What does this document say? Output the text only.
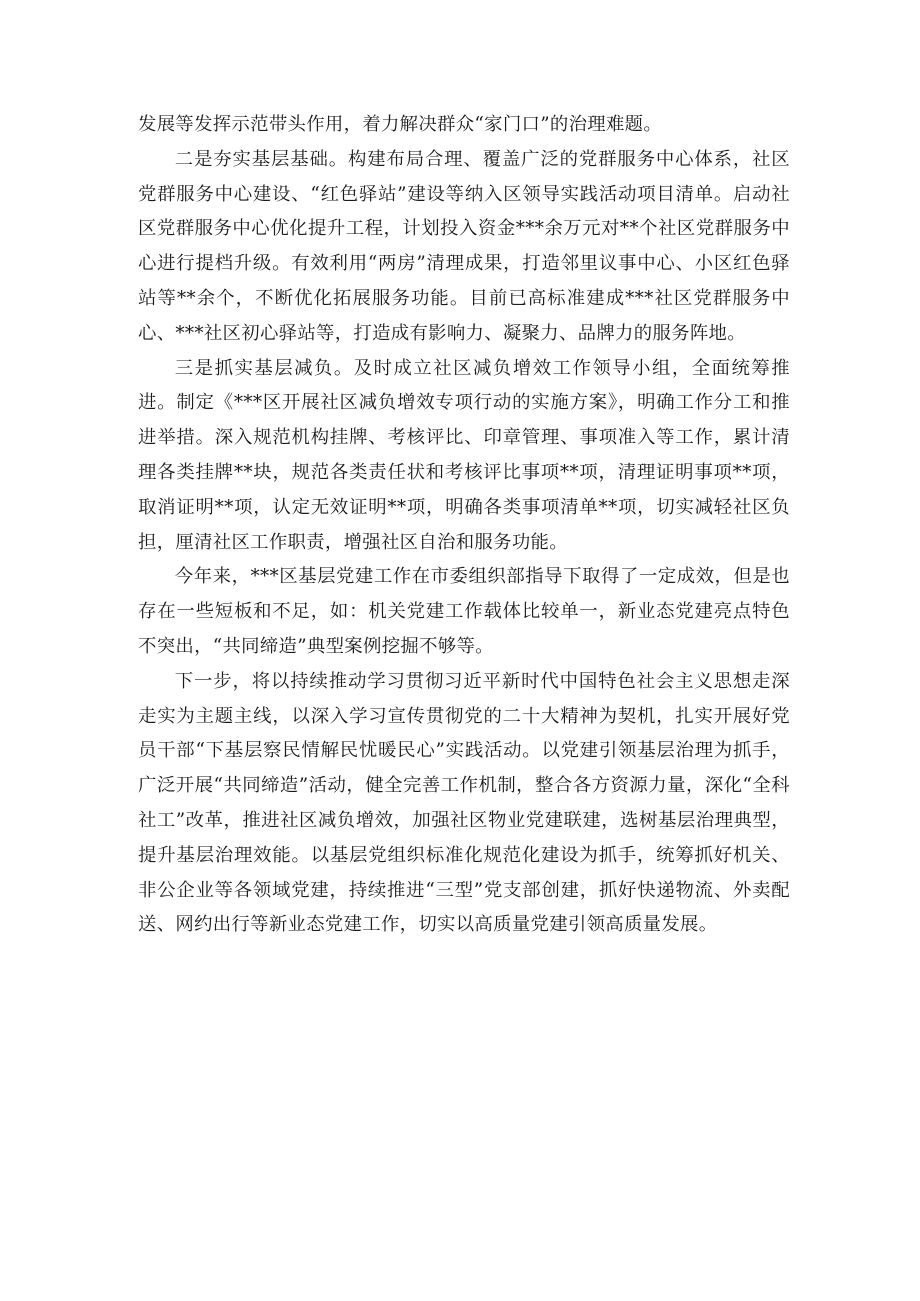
发展等发挥示范带头作用，着力解决群众“家门口”的治理难题。

二是夯实基层基础。构建布局合理、覆盖广泛的党群服务中心体系，社区党群服务中心建设、“红色驿站”建设等纳入区领导实践活动项目清单。启动社区党群服务中心优化提升工程，计划投入资金***余万元对**个社区党群服务中心进行提档升级。有效利用“两房”清理成果，打造邻里议事中心、小区红色驿站等**余个，不断优化拓展服务功能。目前已高标准建成***社区党群服务中心、***社区初心驿站等，打造成有影响力、凝聚力、品牌力的服务阵地。

三是抓实基层减负。及时成立社区减负增效工作领导小组，全面统筹推进。制定《***区开展社区减负增效专项行动的实施方案》，明确工作分工和推进举措。深入规范机构挂牌、考核评比、印章管理、事项准入等工作，累计清理各类挂牌**块，规范各类责任状和考核评比事项**项，清理证明事项**项，取消证明**项，认定无效证明**项，明确各类事项清单**项，切实减轻社区负担，厘清社区工作职责，增强社区自治和服务功能。

今年来，***区基层党建工作在市委组织部指导下取得了一定成效，但是也存在一些短板和不足，如：机关党建工作载体比较单一，新业态党建亮点特色不突出，“共同缔造”典型案例挖掘不够等。

下一步，将以持续推动学习贯彻习近平新时代中国特色社会主义思想走深走实为主题主线，以深入学习宣传贯彻党的二十大精神为契机，扎实开展好党员干部“下基层察民情解民忧暖民心”实践活动。以党建引领基层治理为抓手，广泛开展“共同缔造”活动，健全完善工作机制，整合各方资源力量，深化“全科社工”改革，推进社区减负增效，加强社区物业党建联建，选树基层治理典型，提升基层治理效能。以基层党组织标准化规范化建设为抓手，统筹抓好机关、非公企业等各领域党建，持续推进“三型”党支部创建，抓好快递物流、外卖配送、网约出行等新业态党建工作，切实以高质量党建引领高质量发展。
